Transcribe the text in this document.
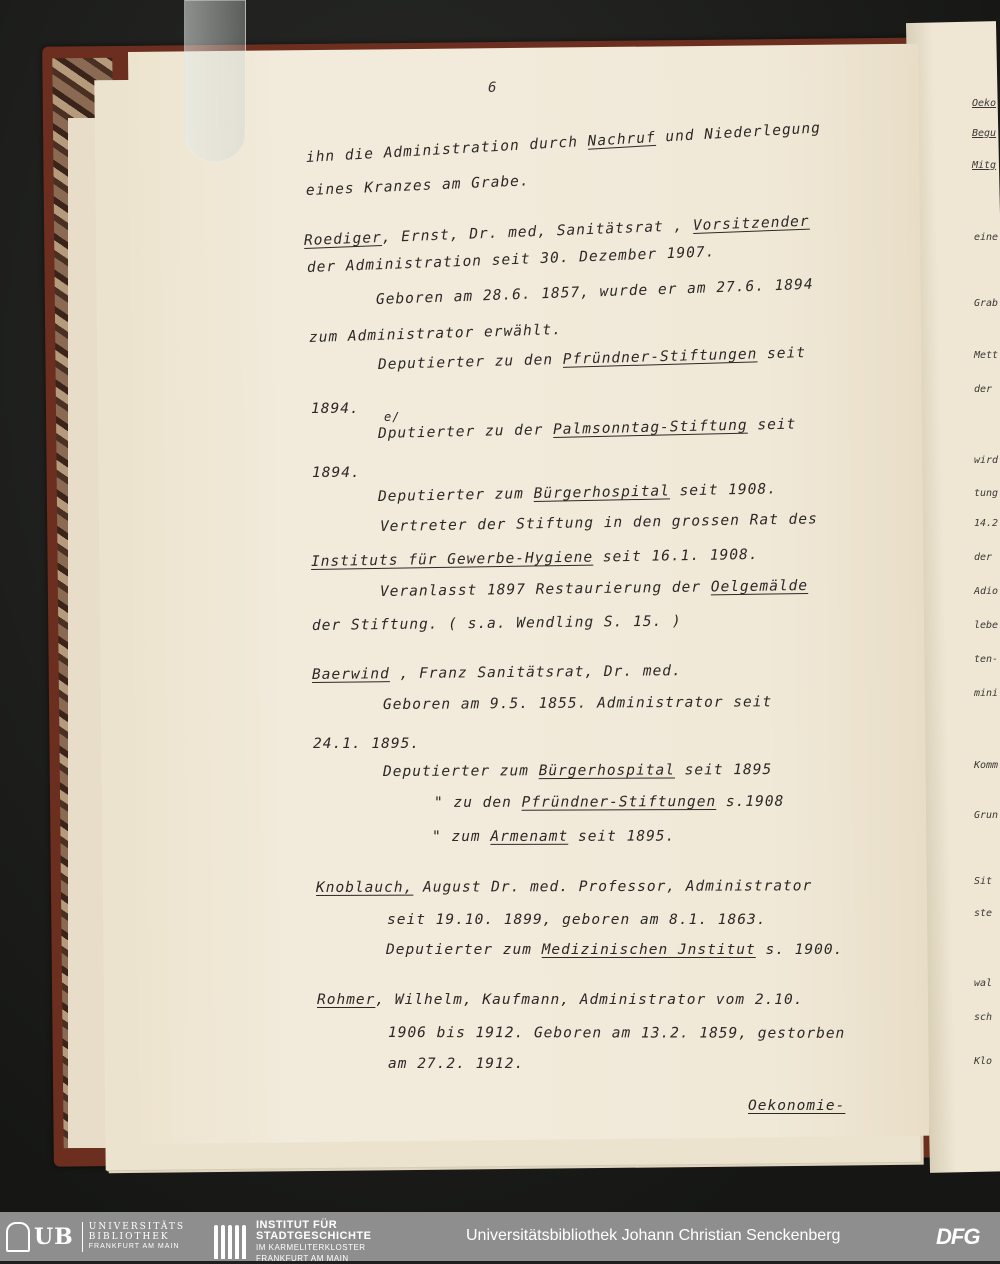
6
ihn die Administration durch Nachruf und Niederlegung
eines Kranzes am Grabe.
Roediger, Ernst, Dr. med, Sanitätsrat , Vorsitzender
der Administration seit 30. Dezember 1907.
Geboren am 28.6. 1857, wurde er am 27.6. 1894
zum Administrator erwählt.
Deputierter zu den Pfründner-Stiftungen seit
1894. e/
Dputierter zu der Palmsonntag-Stiftung seit
1894.
Deputierter zum Bürgerhospital seit 1908.
Vertreter der Stiftung in den grossen Rat des
Instituts für Gewerbe-Hygiene seit 16.1. 1908.
Veranlasst 1897 Restaurierung der Oelgemälde
der Stiftung. ( s.a. Wendling S. 15. )
Baerwind , Franz Sanitätsrat, Dr. med.
Geboren am 9.5. 1855. Administrator seit
24.1. 1895.
Deputierter zum Bürgerhospital seit 1895
" zu den Pfründner-Stiftungen s.1908
" zum Armenamt seit 1895.
Knoblauch, August Dr. med. Professor, Administrator
seit 19.10. 1899, geboren am 8.1. 1863.
Deputierter zum Medizinischen Jnstitut s. 1900.
Rohmer, Wilhelm, Kaufmann, Administrator vom 2.10.
1906 bis 1912. Geboren am 13.2. 1859, gestorben
am 27.2. 1912.
Oekonomie-
Oeko
Begu
Mitg
eine
Grab
Mett
der
wird
tung
14.2
der
Adio
lebe
ten-
mini
Komm
Grun
Sit
ste
wal
sch
Klo
UB UNIVERSITÄTS
BIBLIOTHEK
FRANKFURT AM MAIN
INSTITUT FÜR
STADTGESCHICHTE
IM KARMELITERKLOSTER
FRANKFURT AM MAIN
Universitätsbibliothek Johann Christian Senckenberg	DFG
